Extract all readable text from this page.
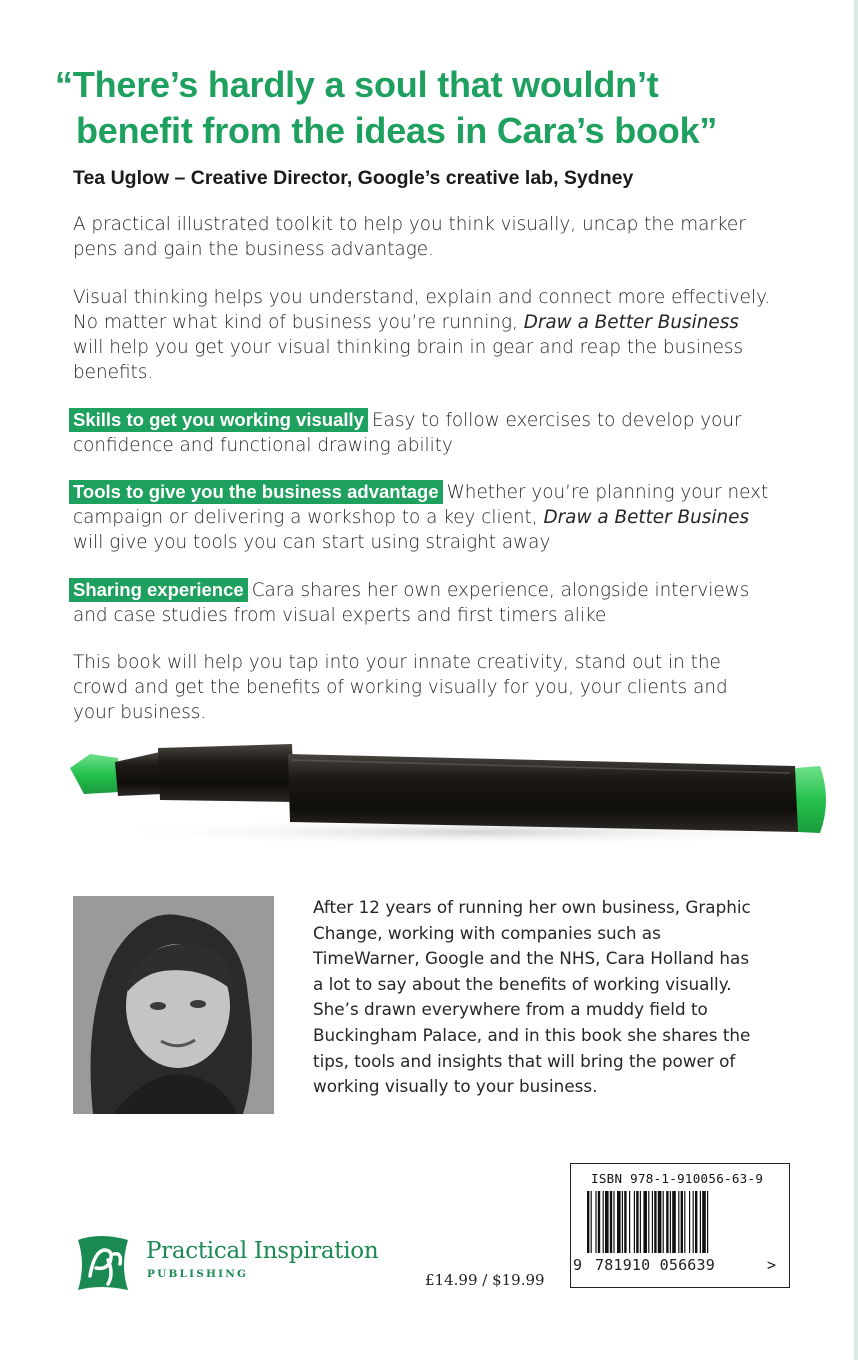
“There’s hardly a soul that wouldn’t
benefit from the ideas in Cara’s book”
Tea Uglow – Creative Director, Google’s creative lab, Sydney
A practical illustrated toolkit to help you think visually, uncap the marker pens and gain the business advantage.
Visual thinking helps you understand, explain and connect more effectively. No matter what kind of business you’re running, Draw a Better Business will help you get your visual thinking brain in gear and reap the business benefits.
Skills to get you working visually Easy to follow exercises to develop your confidence and functional drawing ability
Tools to give you the business advantage Whether you’re planning your next campaign or delivering a workshop to a key client, Draw a Better Busines will give you tools you can start using straight away
Sharing experience Cara shares her own experience, alongside interviews and case studies from visual experts and first timers alike
This book will help you tap into your innate creativity, stand out in the crowd and get the benefits of working visually for you, your clients and your business.
After 12 years of running her own business, Graphic Change, working with companies such as TimeWarner, Google and the NHS, Cara Holland has a lot to say about the benefits of working visually. She’s drawn everywhere from a muddy field to Buckingham Palace, and in this book she shares the tips, tools and insights that will bring the power of working visually to your business.
Practical Inspiration
PUBLISHING	£14.99 / $19.99
ISBN 978-1-910056-63-9
9 781910 056639	>
